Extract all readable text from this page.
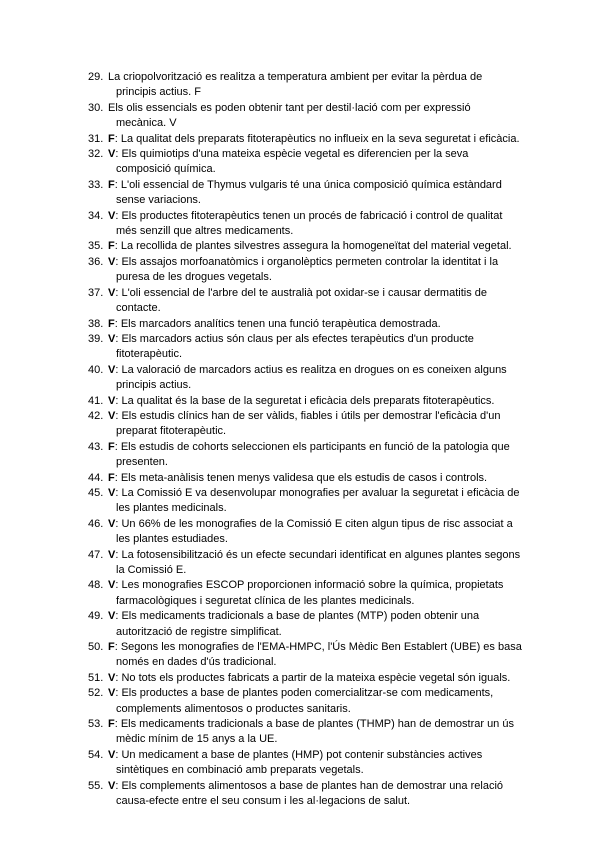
29. La criopolvorització es realitza a temperatura ambient per evitar la pèrdua de
principis actius. F
30. Els olis essencials es poden obtenir tant per destil·lació com per expressió
mecànica. V
31. F: La qualitat dels preparats fitoterapèutics no influeix en la seva seguretat i eficàcia.
32. V: Els quimiotips d'una mateixa espècie vegetal es diferencien per la seva
composició química.
33. F: L'oli essencial de Thymus vulgaris té una única composició química estàndard
sense variacions.
34. V: Els productes fitoterapèutics tenen un procés de fabricació i control de qualitat
més senzill que altres medicaments.
35. F: La recollida de plantes silvestres assegura la homogeneïtat del material vegetal.
36. V: Els assajos morfoanatòmics i organolèptics permeten controlar la identitat i la
puresa de les drogues vegetals.
37. V: L'oli essencial de l'arbre del te australià pot oxidar-se i causar dermatitis de
contacte.
38. F: Els marcadors analítics tenen una funció terapèutica demostrada.
39. V: Els marcadors actius són claus per als efectes terapèutics d'un producte
fitoterapèutic.
40. V: La valoració de marcadors actius es realitza en drogues on es coneixen alguns
principis actius.
41. V: La qualitat és la base de la seguretat i eficàcia dels preparats fitoterapèutics.
42. V: Els estudis clínics han de ser vàlids, fiables i útils per demostrar l'eficàcia d'un
preparat fitoterapèutic.
43. F: Els estudis de cohorts seleccionen els participants en funció de la patologia que
presenten.
44. F: Els meta-anàlisis tenen menys validesa que els estudis de casos i controls.
45. V: La Comissió E va desenvolupar monografies per avaluar la seguretat i eficàcia de
les plantes medicinals.
46. V: Un 66% de les monografies de la Comissió E citen algun tipus de risc associat a
les plantes estudiades.
47. V: La fotosensibilització és un efecte secundari identificat en algunes plantes segons
la Comissió E.
48. V: Les monografies ESCOP proporcionen informació sobre la química, propietats
farmacològiques i seguretat clínica de les plantes medicinals.
49. V: Els medicaments tradicionals a base de plantes (MTP) poden obtenir una
autorització de registre simplificat.
50. F: Segons les monografies de l'EMA-HMPC, l'Ús Mèdic Ben Establert (UBE) es basa
només en dades d'ús tradicional.
51. V: No tots els productes fabricats a partir de la mateixa espècie vegetal són iguals.
52. V: Els productes a base de plantes poden comercialitzar-se com medicaments,
complements alimentosos o productes sanitaris.
53. F: Els medicaments tradicionals a base de plantes (THMP) han de demostrar un ús
mèdic mínim de 15 anys a la UE.
54. V: Un medicament a base de plantes (HMP) pot contenir substàncies actives
sintètiques en combinació amb preparats vegetals.
55. V: Els complements alimentosos a base de plantes han de demostrar una relació
causa-efecte entre el seu consum i les al·legacions de salut.
